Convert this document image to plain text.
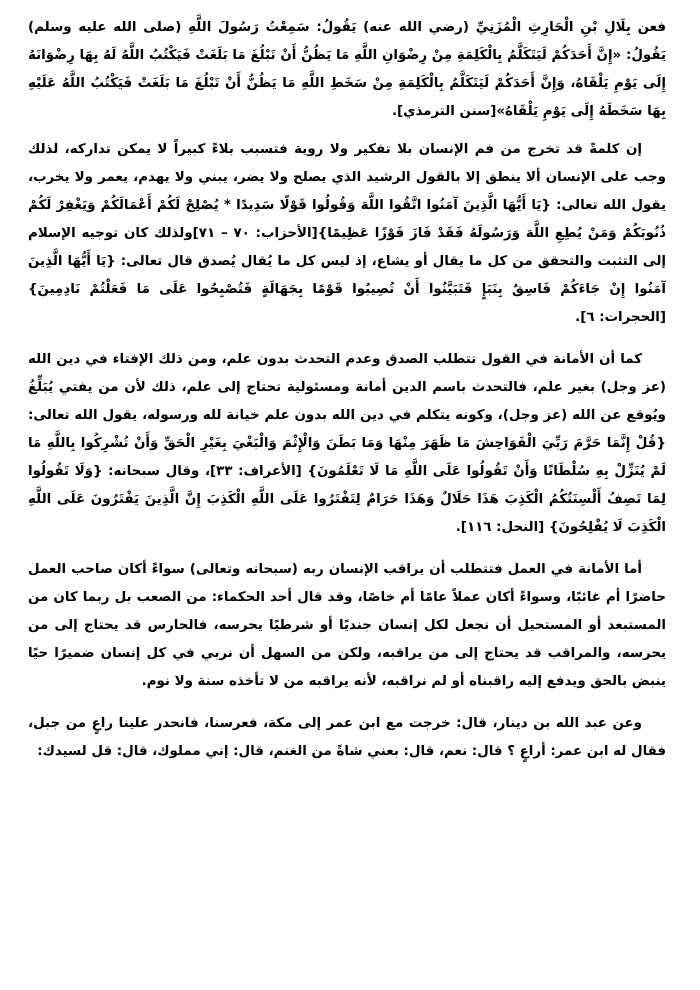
فعن بِلَالِ بْنِ الْحَارِثِ الْمُزَنِيِّ (رضي الله عنه) يَقُولُ: سَمِعْتُ رَسُولَ اللَّهِ (صلى الله عليه وسلم) يَقُولُ: «إِنَّ أَحَدَكُمْ لَيَتَكَلَّمُ بِالْكَلِمَةِ مِنْ رِضْوَانِ اللَّهِ مَا يَظُنُّ أَنْ تَبْلُغَ مَا بَلَغَتْ فَيَكْتُبُ اللَّهُ لَهُ بِهَا رِضْوَانَهُ إِلَى يَوْمِ يَلْقَاهُ، وَإِنَّ أَحَدَكُمْ لَيَتَكَلَّمُ بِالْكَلِمَةِ مِنْ سَخَطِ اللَّهِ مَا يَظُنُّ أَنْ تَبْلُغَ مَا بَلَغَتْ فَيَكْتُبُ اللَّهُ عَلَيْهِ بِهَا سَخَطَهُ إِلَى يَوْمِ يَلْقَاهُ»[سنن الترمذي].

إن كلمةً قد تخرج من فم الإنسان بلا تفكير ولا روية فتسبب بلاءً كبيراً لا يمكن تداركه، لذلك وجب على الإنسان ألا ينطق إلا بالقول الرشيد الذي يصلح ولا يضر، يبني ولا يهدم، يعمر ولا يخرب، يقول الله تعالى: {يَا أَيُّهَا الَّذِينَ آمَنُوا اتَّقُوا اللَّهَ وَقُولُوا قَوْلًا سَدِيدًا * يُصْلِحْ لَكُمْ أَعْمَالَكُمْ وَيَغْفِرْ لَكُمْ ذُنُوبَكُمْ وَمَنْ يُطِعِ اللَّهَ وَرَسُولَهُ فَقَدْ فَازَ فَوْزًا عَظِيمًا}[الأحزاب: ٧٠ – ٧١]ولذلك كان توجيه الإسلام إلى التثبت والتحقق من كل ما يقال أو يشاع، إذ ليس كل ما يُقال يُصدق قال تعالى: {يَا أَيُّهَا الَّذِينَ آمَنُوا إِنْ جَاءَكُمْ فَاسِقٌ بِنَبَإٍ فَتَبَيَّنُوا أَنْ تُصِيبُوا قَوْمًا بِجَهَالَةٍ فَتُصْبِحُوا عَلَى مَا فَعَلْتُمْ نَادِمِينَ} [الحجرات: ٦].

كما أن الأمانة في القول تتطلب الصدق وعدم التحدث بدون علم، ومن ذلك الإفتاء في دين الله (عز وجل) بغير علم، فالتحدث باسم الدين أمانة ومسئولية تحتاج إلى علم، ذلك لأن من يفتي يُبَلِّغُ ويُوقع عن الله (عز وجل)، وكونه يتكلم في دين الله بدون علم خيانة لله ورسوله، يقول الله تعالى: {قُلْ إِنَّمَا حَرَّمَ رَبِّيَ الْفَوَاحِشَ مَا ظَهَرَ مِنْهَا وَمَا بَطَنَ وَالْإِثْمَ وَالْبَغْيَ بِغَيْرِ الْحَقِّ وَأَنْ تُشْرِكُوا بِاللَّهِ مَا لَمْ يُنَزِّلْ بِهِ سُلْطَانًا وَأَنْ تَقُولُوا عَلَى اللَّهِ مَا لَا تَعْلَمُونَ} [الأعراف: ٣٣]، وقال سبحانه: {وَلَا تَقُولُوا لِمَا تَصِفُ أَلْسِنَتُكُمُ الْكَذِبَ هَذَا حَلَالٌ وَهَذَا حَرَامٌ لِتَفْتَرُوا عَلَى اللَّهِ الْكَذِبَ إِنَّ الَّذِينَ يَفْتَرُونَ عَلَى اللَّهِ الْكَذِبَ لَا يُفْلِحُونَ} [النحل: ١١٦].

أما الأمانة في العمل فتتطلب أن يراقب الإنسان ربه (سبحانه وتعالى) سواءً أكان صاحب العمل حاضرًا أم غائبًا، وسواءً أكان عملاً عامًا أم خاصًا، وقد قال أحد الحكماء: من الصعب بل ربما كان من المستبعد أو المستحيل أن نجعل لكل إنسان جنديًا أو شرطيًا يحرسه، فالحارس قد يحتاج إلى من يحرسه، والمراقب قد يحتاج إلى من يراقبه، ولكن من السهل أن نربي في كل إنسان ضميرًا حيًا ينبض بالحق ويدفع إليه راقبناه أو لم نراقبه، لأنه يراقبه من لا تأخذه سنة ولا نوم.

وعن عبد الله بن دينار، قال: خرجت مع ابن عمر إلى مكة، فعرسنا، فانحدر علينا راعٍ من جبل، فقال له ابن عمر: أراعٍ ؟ قال: نعم، قال: بعني شاةً من الغنم، قال: إني مملوك، قال: قل لسيدك:
